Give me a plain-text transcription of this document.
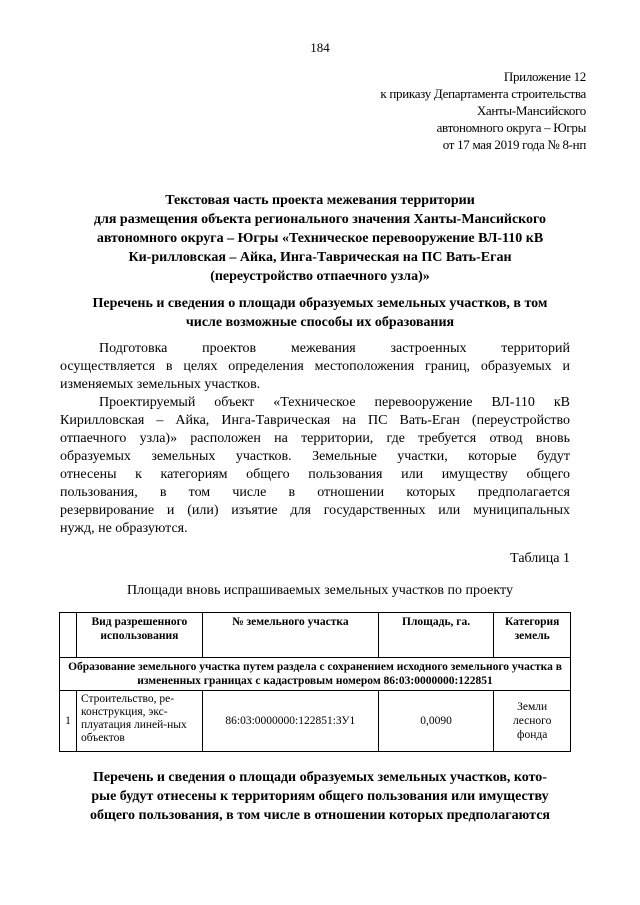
184
Приложение 12
к приказу Департамента строительства
Ханты-Мансийского
автономного округа – Югры
от 17 мая 2019 года № 8-нп
Текстовая часть проекта межевания территории
для размещения объекта регионального значения Ханты-Мансийского
автономного округа – Югры «Техническое перевооружение ВЛ-110 кВ
Ки-рилловская – Айка, Инга-Таврическая на ПС Вать-Еган
(переустройство отпаечного узла)»
Перечень и сведения о площади образуемых земельных участков, в том
числе возможные способы их образования
Подготовка проектов межевания застроенных территорий
осуществляется в целях определения местоположения границ, образуемых и
изменяемых земельных участков.
Проектируемый объект «Техническое перевооружение ВЛ-110 кВ
Кирилловская – Айка, Инга-Таврическая на ПС Вать-Еган (переустройство
отпаечного узла)» расположен на территории, где требуется отвод вновь
образуемых земельных участков. Земельные участки, которые будут
отнесены к категориям общего пользования или имуществу общего
пользования, в том числе в отношении которых предполагается
резервирование и (или) изъятие для государственных или муниципальных
нужд, не образуются.
Таблица 1
Площади вновь испрашиваемых земельных участков по проекту
	Вид разрешенного использования	№ земельного участка	Площадь, га.	Категория земель
Образование земельного участка путем раздела с сохранением исходного земельного участка в измененных границах с кадастровым номером 86:03:0000000:122851				
1	Строительство, ре-конструкция, экс-плуатация линей-ных объектов	86:03:0000000:122851:ЗУ1	0,0090	Земли лесного фонда
Перечень и сведения о площади образуемых земельных участков, кото-
рые будут отнесены к территориям общего пользования или имуществу
общего пользования, в том числе в отношении которых предполагаются
